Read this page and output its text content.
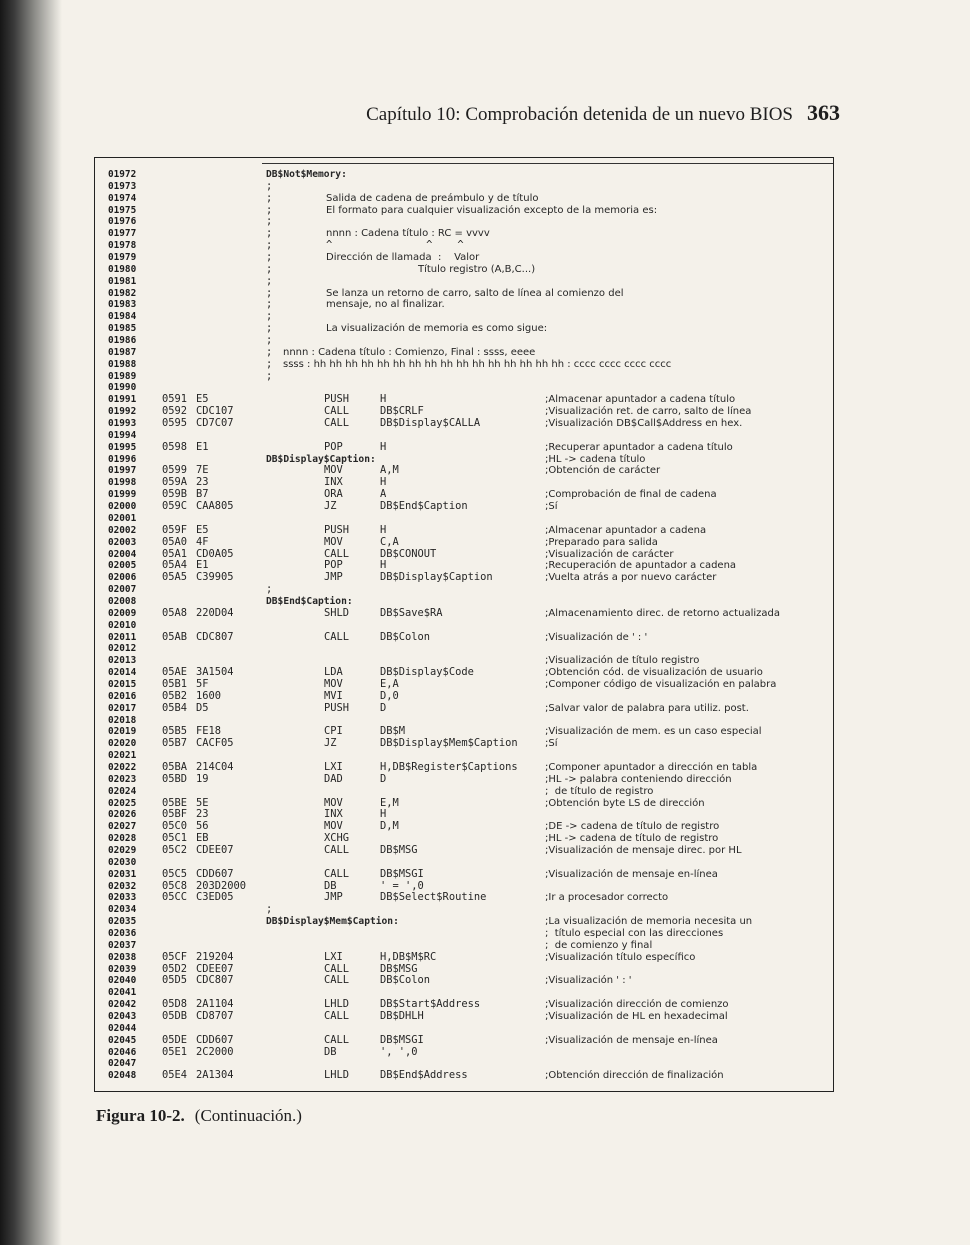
Capítulo 10: Comprobación detenida de un nuevo BIOS 363
01972	DB$Not$Memory:
01973	;
01974	;	Salida de cadena de preámbulo y de título
01975	;	El formato para cualquier visualización excepto de la memoria es:
01976	;
01977	;	nnnn : Cadena título : RC = vvvv
01978	;	^               ^    ^
01979	;	Dirección de llamada  :    Valor
01980	;	Título registro (A,B,C...)
01981	;
01982	;	Se lanza un retorno de carro, salto de línea al comienzo del
01983	;	mensaje, no al finalizar.
01984	;
01985	;	La visualización de memoria es como sigue:
01986	;
01987	; nnnn : Cadena título : Comienzo, Final : ssss, eeee
01988	; ssss : hh hh hh hh hh hh hh hh hh hh hh hh hh hh hh hh : cccc cccc cccc cccc
01989	;
01990
01991 0591 E5	PUSH	H	;Almacenar apuntador a cadena título
01992 0592 CDC107	CALL	DB$CRLF	;Visualización ret. de carro, salto de línea
01993 0595 CD7C07	CALL	DB$Display$CALLA	;Visualización DB$Call$Address en hex.
01994
01995 0598 E1	POP	H	;Recuperar apuntador a cadena título
01996	DB$Display$Caption:	;HL -> cadena título
01997 0599 7E	MOV	A,M	;Obtención de carácter
01998 059A 23	INX	H
01999 059B B7	ORA	A	;Comprobación de final de cadena
02000 059C CAA805	JZ	DB$End$Caption	;Sí
02001
02002 059F E5	PUSH	H	;Almacenar apuntador a cadena
02003 05A0 4F	MOV	C,A	;Preparado para salida
02004 05A1 CD0A05	CALL	DB$CONOUT	;Visualización de carácter
02005 05A4 E1	POP	H	;Recuperación de apuntador a cadena
02006 05A5 C39905	JMP	DB$Display$Caption	;Vuelta atrás a por nuevo carácter
02007	;
02008	DB$End$Caption:
02009 05A8 220D04	SHLD	DB$Save$RA	;Almacenamiento direc. de retorno actualizada
02010
02011 05AB CDC807	CALL	DB$Colon	;Visualización de ' : '
02012
02013	;Visualización de título registro
02014 05AE 3A1504	LDA	DB$Display$Code	;Obtención cód. de visualización de usuario
02015 05B1 5F	MOV	E,A	;Componer código de visualización en palabra
02016 05B2 1600	MVI	D,0
02017 05B4 D5	PUSH	D	;Salvar valor de palabra para utiliz. post.
02018
02019 05B5 FE18	CPI	DB$M	;Visualización de mem. es un caso especial
02020 05B7 CACF05	JZ	DB$Display$Mem$Caption	;Sí
02021
02022 05BA 214C04	LXI	H,DB$Register$Captions	;Componer apuntador a dirección en tabla
02023 05BD 19	DAD	D	;HL -> palabra conteniendo dirección
02024	;  de título de registro
02025 05BE 5E	MOV	E,M	;Obtención byte LS de dirección
02026 05BF 23	INX	H
02027 05C0 56	MOV	D,M	;DE -> cadena de título de registro
02028 05C1 EB	XCHG	;HL -> cadena de título de registro
02029 05C2 CDEE07	CALL	DB$MSG	;Visualización de mensaje direc. por HL
02030
02031 05C5 CDD607	CALL	DB$MSGI	;Visualización de mensaje en-línea
02032 05C8 203D2000	DB	' = ',0
02033 05CC C3ED05	JMP	DB$Select$Routine	;Ir a procesador correcto
02034	;
02035	DB$Display$Mem$Caption:	;La visualización de memoria necesita un
02036	;  título especial con las direcciones
02037	;  de comienzo y final
02038 05CF 219204	LXI	H,DB$M$RC	;Visualización título específico
02039 05D2 CDEE07	CALL	DB$MSG
02040 05D5 CDC807	CALL	DB$Colon	;Visualización ' : '
02041
02042 05D8 2A1104	LHLD	DB$Start$Address	;Visualización dirección de comienzo
02043 05DB CD8707	CALL	DB$DHLH	;Visualización de HL en hexadecimal
02044
02045 05DE CDD607	CALL	DB$MSGI	;Visualización de mensaje en-línea
02046 05E1 2C2000	DB	', ',0
02047
02048 05E4 2A1304	LHLD	DB$End$Address	;Obtención dirección de finalización
Figura 10-2. (Continuación.)
